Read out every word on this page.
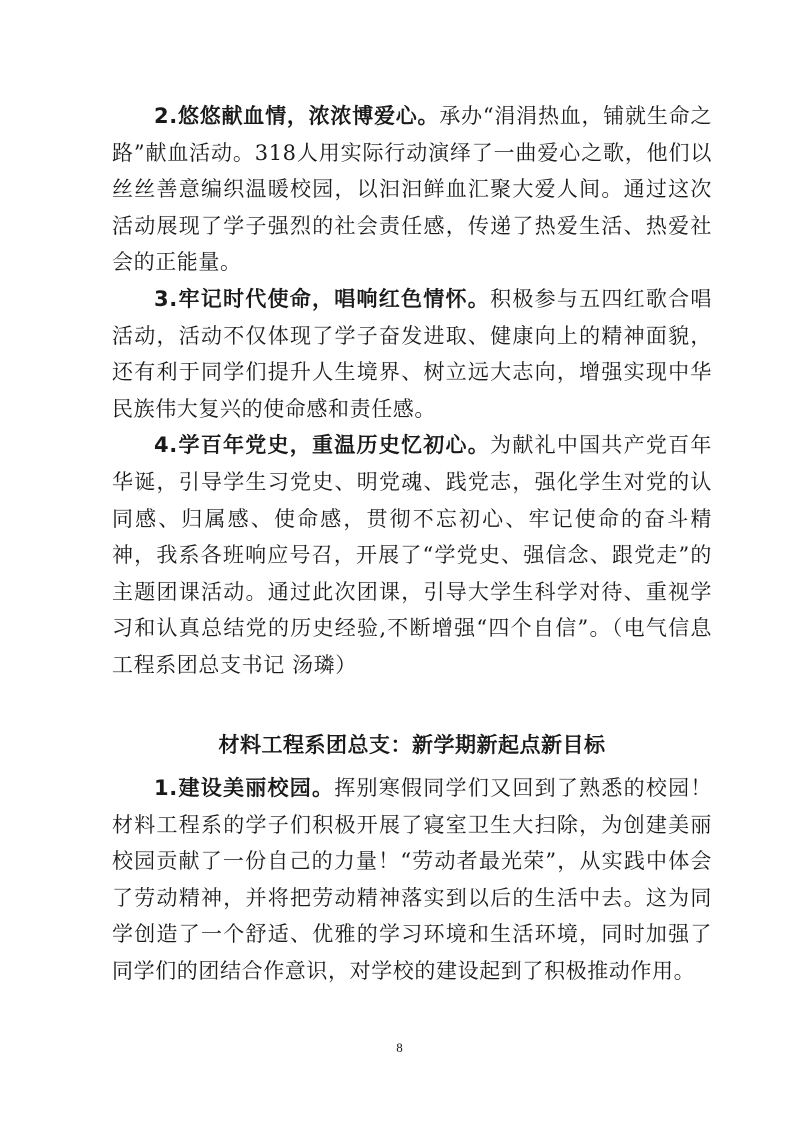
2.悠悠献血情，浓浓博爱心。承办“涓涓热血，铺就生命之路”献血活动。318人用实际行动演绎了一曲爱心之歌，他们以丝丝善意编织温暖校园，以汩汩鲜血汇聚大爱人间。通过这次活动展现了学子强烈的社会责任感，传递了热爱生活、热爱社会的正能量。

3.牢记时代使命，唱响红色情怀。积极参与五四红歌合唱活动，活动不仅体现了学子奋发进取、健康向上的精神面貌，还有利于同学们提升人生境界、树立远大志向，增强实现中华民族伟大复兴的使命感和责任感。

4.学百年党史，重温历史忆初心。为献礼中国共产党百年华诞，引导学生习党史、明党魂、践党志，强化学生对党的认同感、归属感、使命感，贯彻不忘初心、牢记使命的奋斗精神，我系各班响应号召，开展了“学党史、强信念、跟党走”的主题团课活动。通过此次团课，引导大学生科学对待、重视学习和认真总结党的历史经验,不断增强“四个自信”。（电气信息工程系团总支书记 汤璘）

材料工程系团总支：新学期新起点新目标

1.建设美丽校园。挥别寒假同学们又回到了熟悉的校园！材料工程系的学子们积极开展了寝室卫生大扫除，为创建美丽校园贡献了一份自己的力量！“劳动者最光荣”，从实践中体会了劳动精神，并将把劳动精神落实到以后的生活中去。这为同学创造了一个舒适、优雅的学习环境和生活环境，同时加强了同学们的团结合作意识，对学校的建设起到了积极推动作用。

8
